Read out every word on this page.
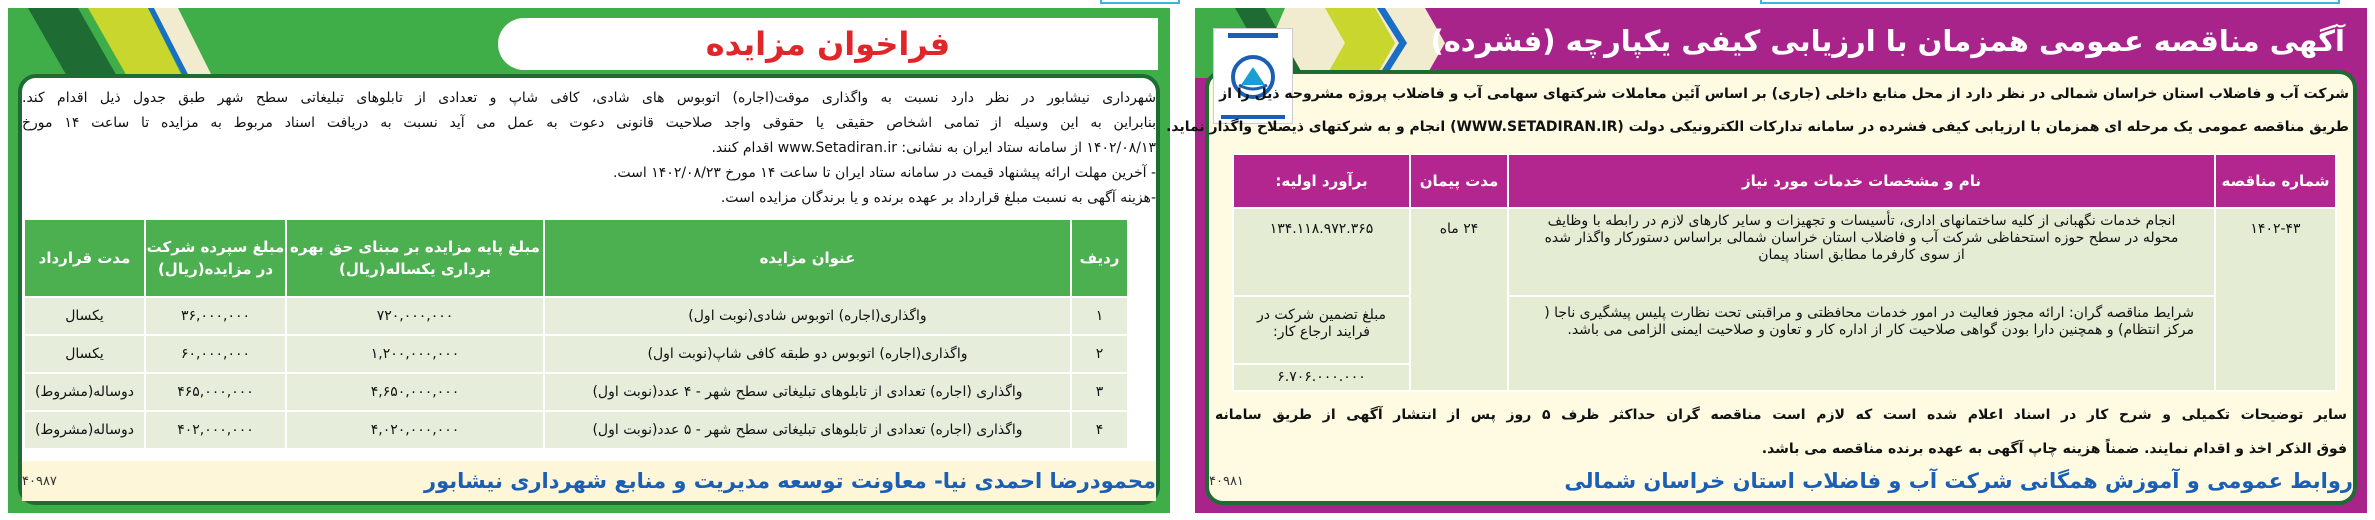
فراخوان مزایده
شهرداری نیشابور در نظر دارد نسبت به واگذاری موقت(اجاره) اتوبوس های شادی، کافی شاپ و تعدادی از تابلوهای تبلیغاتی سطح شهر طبق جدول ذیل اقدام کند.
بنابراین به این وسیله از تمامی اشخاص حقیقی یا حقوقی واجد صلاحیت قانونی دعوت به عمل می آید نسبت به دریافت اسناد مربوط به مزایده تا ساعت ۱۴ مورخ
۱۴۰۲/۰۸/۱۳ از سامانه ستاد ایران به نشانی: www.Setadiran.ir اقدام کنند.
- آخرین مهلت ارائه پیشنهاد قیمت در سامانه ستاد ایران تا ساعت ۱۴ مورخ ۱۴۰۲/۰۸/۲۳ است.
-هزینه آگهی به نسبت مبلغ قرارداد بر عهده برنده و یا برندگان مزایده است.
ردیف	عنوان مزایده	مبلغ پایه مزایده بر مبنای حق بهره برداری یکساله(ریال)	مبلغ سپرده شرکت در مزایده(ریال)	مدت قرارداد
۱	واگذاری(اجاره) اتوبوس شادی(نوبت اول)	۷۲۰,۰۰۰,۰۰۰	۳۶,۰۰۰,۰۰۰	یکسال
۲	واگذاری(اجاره) اتوبوس دو طبقه کافی شاپ(نوبت اول)	۱,۲۰۰,۰۰۰,۰۰۰	۶۰,۰۰۰,۰۰۰	یکسال
۳	واگذاری (اجاره) تعدادی از تابلوهای تبلیغاتی سطح شهر - ۴ عدد(نوبت اول)	۴,۶۵۰,۰۰۰,۰۰۰	۴۶۵,۰۰۰,۰۰۰	دوساله(مشروط)
۴	واگذاری (اجاره) تعدادی از تابلوهای تبلیغاتی سطح شهر - ۵ عدد(نوبت اول)	۴,۰۲۰,۰۰۰,۰۰۰	۴۰۲,۰۰۰,۰۰۰	دوساله(مشروط)
۴۰۹۸۷	محمودرضا احمدی نیا- معاونت توسعه مدیریت و منابع شهرداری نیشابور
آگهی مناقصه عمومی همزمان با ارزیابی کیفی یکپارچه (فشرده)
شرکت آب و فاضلاب استان خراسان شمالی در نظر دارد از محل منابع داخلی (جاری) بر اساس آئین معاملات شرکتهای سهامی آب و فاضلاب پروژه مشروحه ذیل را از
طریق مناقصه عمومی یک مرحله ای همزمان با ارزیابی کیفی فشرده در سامانه تدارکات الکترونیکی دولت (WWW.SETADIRAN.IR) انجام و به شرکتهای ذیصلاح واگذار نماید.
شماره مناقصه	نام و مشخصات خدمات مورد نیاز	مدت پیمان	برآورد اولیه:
۱۴۰۲-۴۳	انجام خدمات نگهبانی از کلیه ساختمانهای اداری، تأسیسات و تجهیزات و سایر کارهای لازم در رابطه با وظایف محوله در سطح حوزه استحفاظی شرکت آب و فاضلاب استان خراسان شمالی براساس دستورکار واگذار شده از سوی کارفرما مطابق اسناد پیمان	۲۴ ماه	۱۳۴.۱۱۸.۹۷۲.۳۶۵
	شرایط مناقصه گران: ارائه مجوز فعالیت در امور خدمات محافظتی و مراقبتی تحت نظارت پلیس پیشگیری ناجا ( مرکز انتظام) و همچنین دارا بودن گواهی صلاحیت کار از اداره کار و تعاون و صلاحیت ایمنی الزامی می باشد.		مبلغ تضمین شرکت در فرایند ارجاع کار:
۶.۷۰۶.۰۰۰.۰۰۰
سایر توضیحات تکمیلی و شرح کار در اسناد اعلام شده است که لازم است مناقصه گران حداکثر ظرف ۵ روز پس از انتشار آگهی از طریق سامانه
فوق الذکر اخذ و اقدام نمایند. ضمناً هزینه چاپ آگهی به عهده برنده مناقصه می باشد.
روابط عمومی و آموزش همگانی شرکت آب و فاضلاب استان خراسان شمالی
۴۰۹۸۱
